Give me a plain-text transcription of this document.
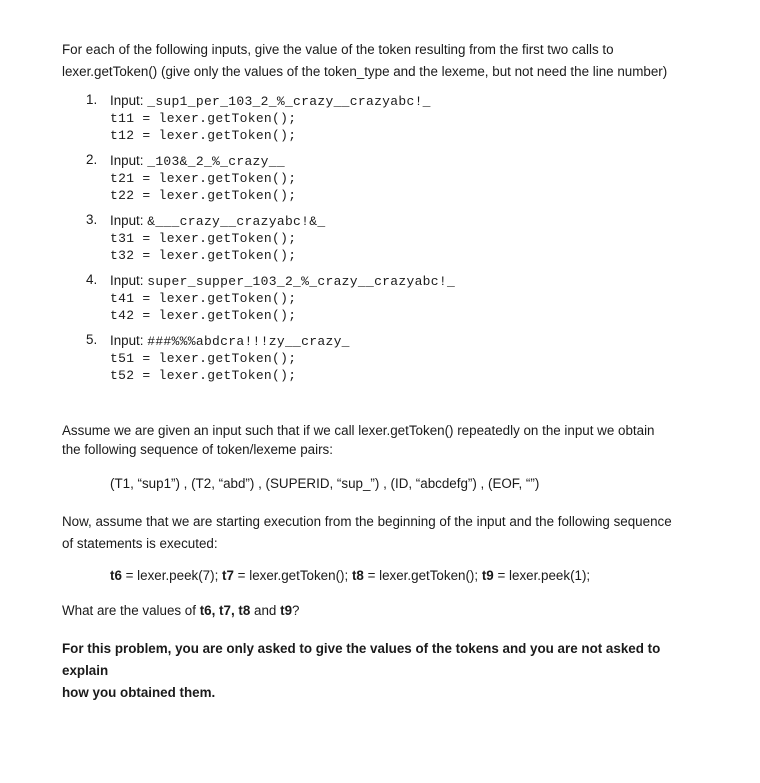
For each of the following inputs, give the value of the token resulting from the first two calls to

lexer.getToken() (give only the values of the token_type and the lexeme, but not need the line number)

1. Input: _sup1_per_103_2_%_crazy__crazyabc!_
t11 = lexer.getToken();
t12 = lexer.getToken();
2. Input: _103&_2_%_crazy__
t21 = lexer.getToken();
t22 = lexer.getToken();
3. Input: &___crazy__crazyabc!&_
t31 = lexer.getToken();
t32 = lexer.getToken();
4. Input: super_supper_103_2_%_crazy__crazyabc!_
t41 = lexer.getToken();
t42 = lexer.getToken();
5. Input: ###%%%abdcra!!!zy__crazy_
t51 = lexer.getToken();
t52 = lexer.getToken();
Assume we are given an input such that if we call lexer.getToken() repeatedly on the input we obtain
the following sequence of token/lexeme pairs:
(T1, “sup1”) , (T2, “abd”) , (SUPERID, “sup_”) , (ID, “abcdefg”) , (EOF, “”)
Now, assume that we are starting execution from the beginning of the input and the following sequence
of statements is executed:
t6 = lexer.peek(7); t7 = lexer.getToken(); t8 = lexer.getToken(); t9 = lexer.peek(1);
What are the values of t6, t7, t8 and t9?
For this problem, you are only asked to give the values of the tokens and you are not asked to explain
how you obtained them.
